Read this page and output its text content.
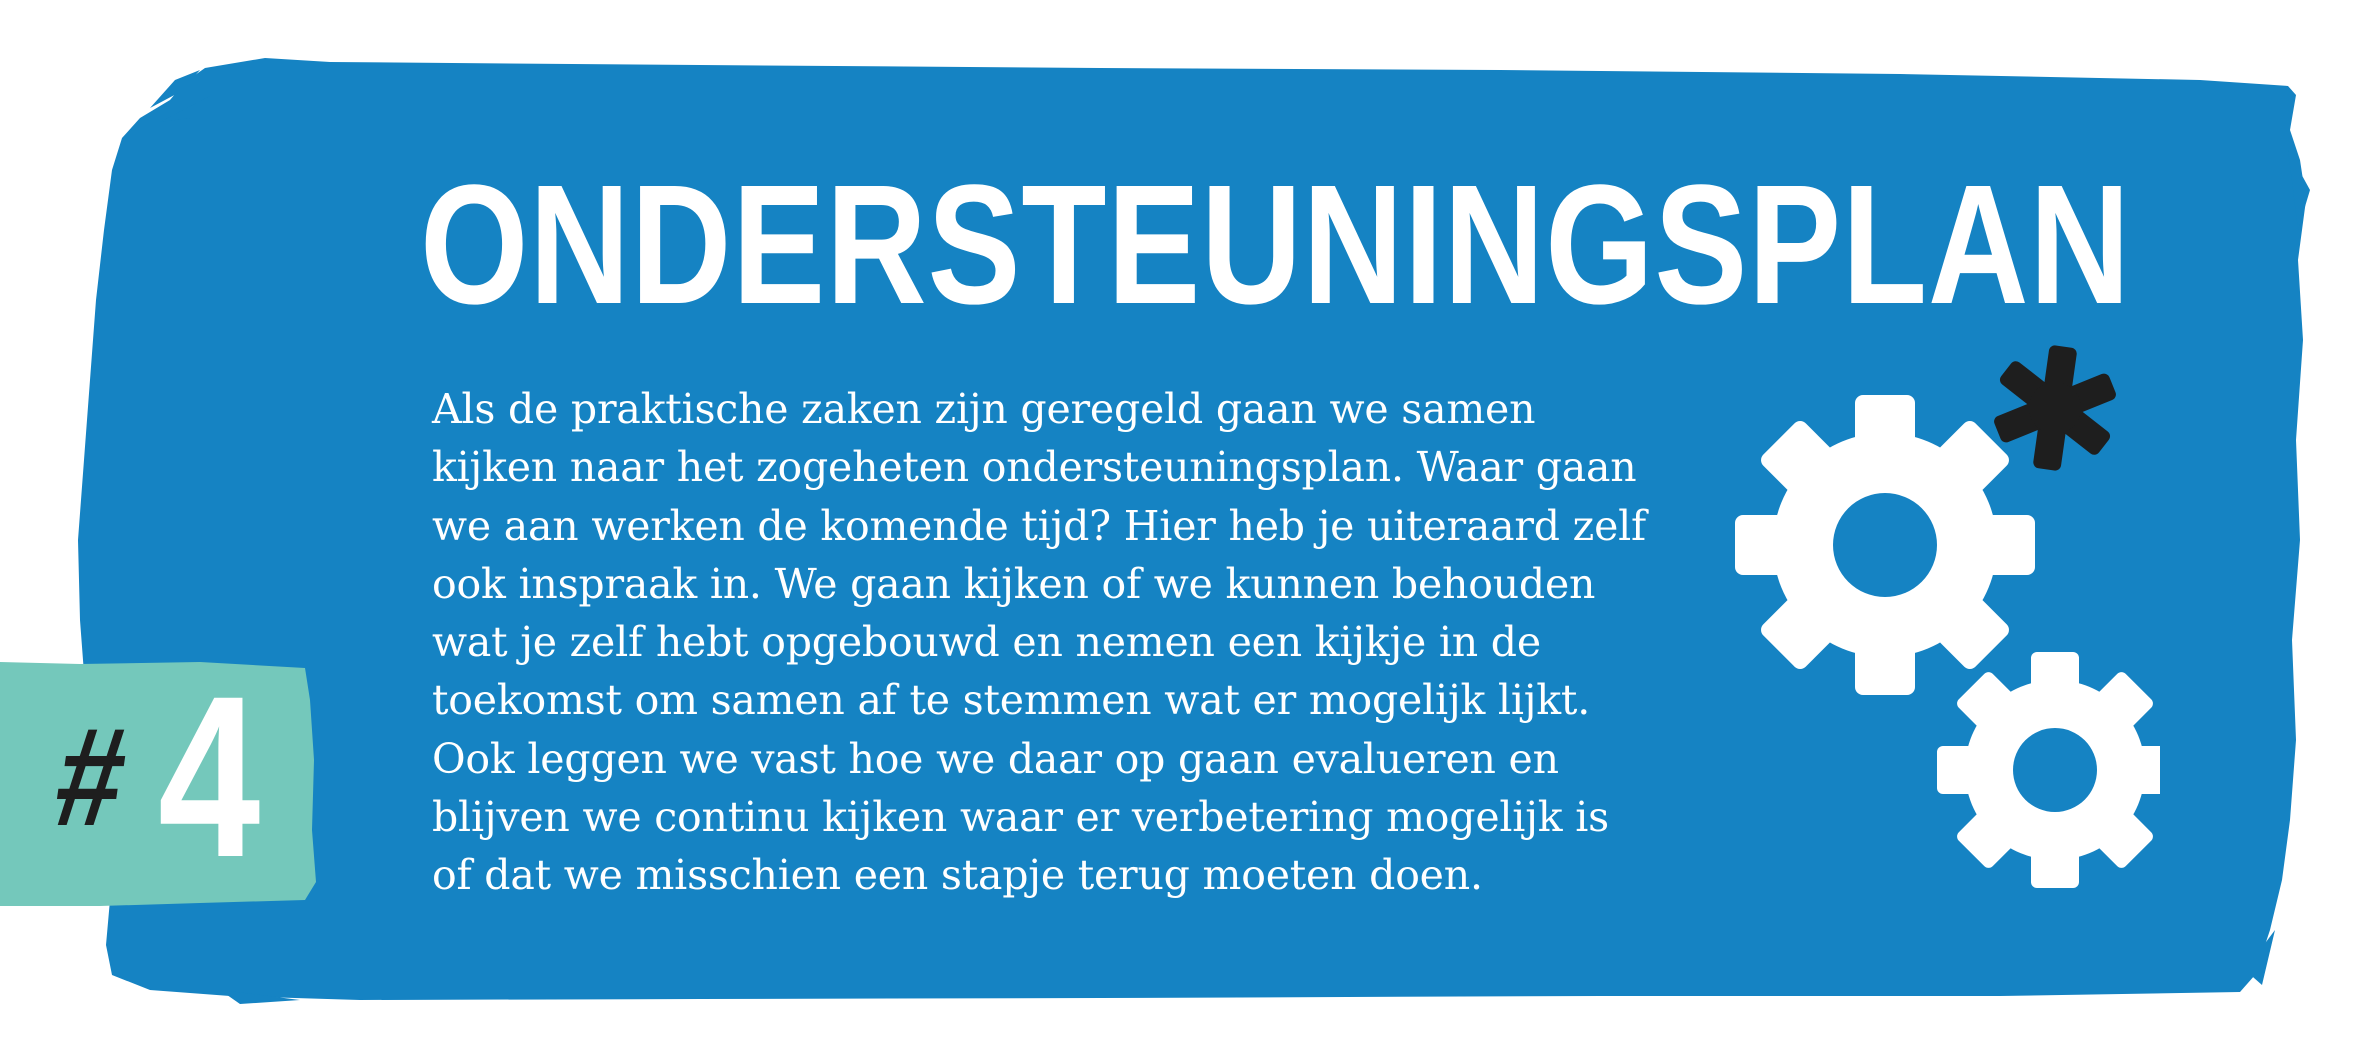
# 4
ONDERSTEUNINGSPLAN

Als de praktische zaken zijn geregeld gaan we samen
kijken naar het zogeheten ondersteuningsplan. Waar gaan
we aan werken de komende tijd? Hier heb je uiteraard zelf
ook inspraak in. We gaan kijken of we kunnen behouden
wat je zelf hebt opgebouwd en nemen een kijkje in de
toekomst om samen af te stemmen wat er mogelijk lijkt.
Ook leggen we vast hoe we daar op gaan evalueren en
blijven we continu kijken waar er verbetering mogelijk is
of dat we misschien een stapje terug moeten doen.
